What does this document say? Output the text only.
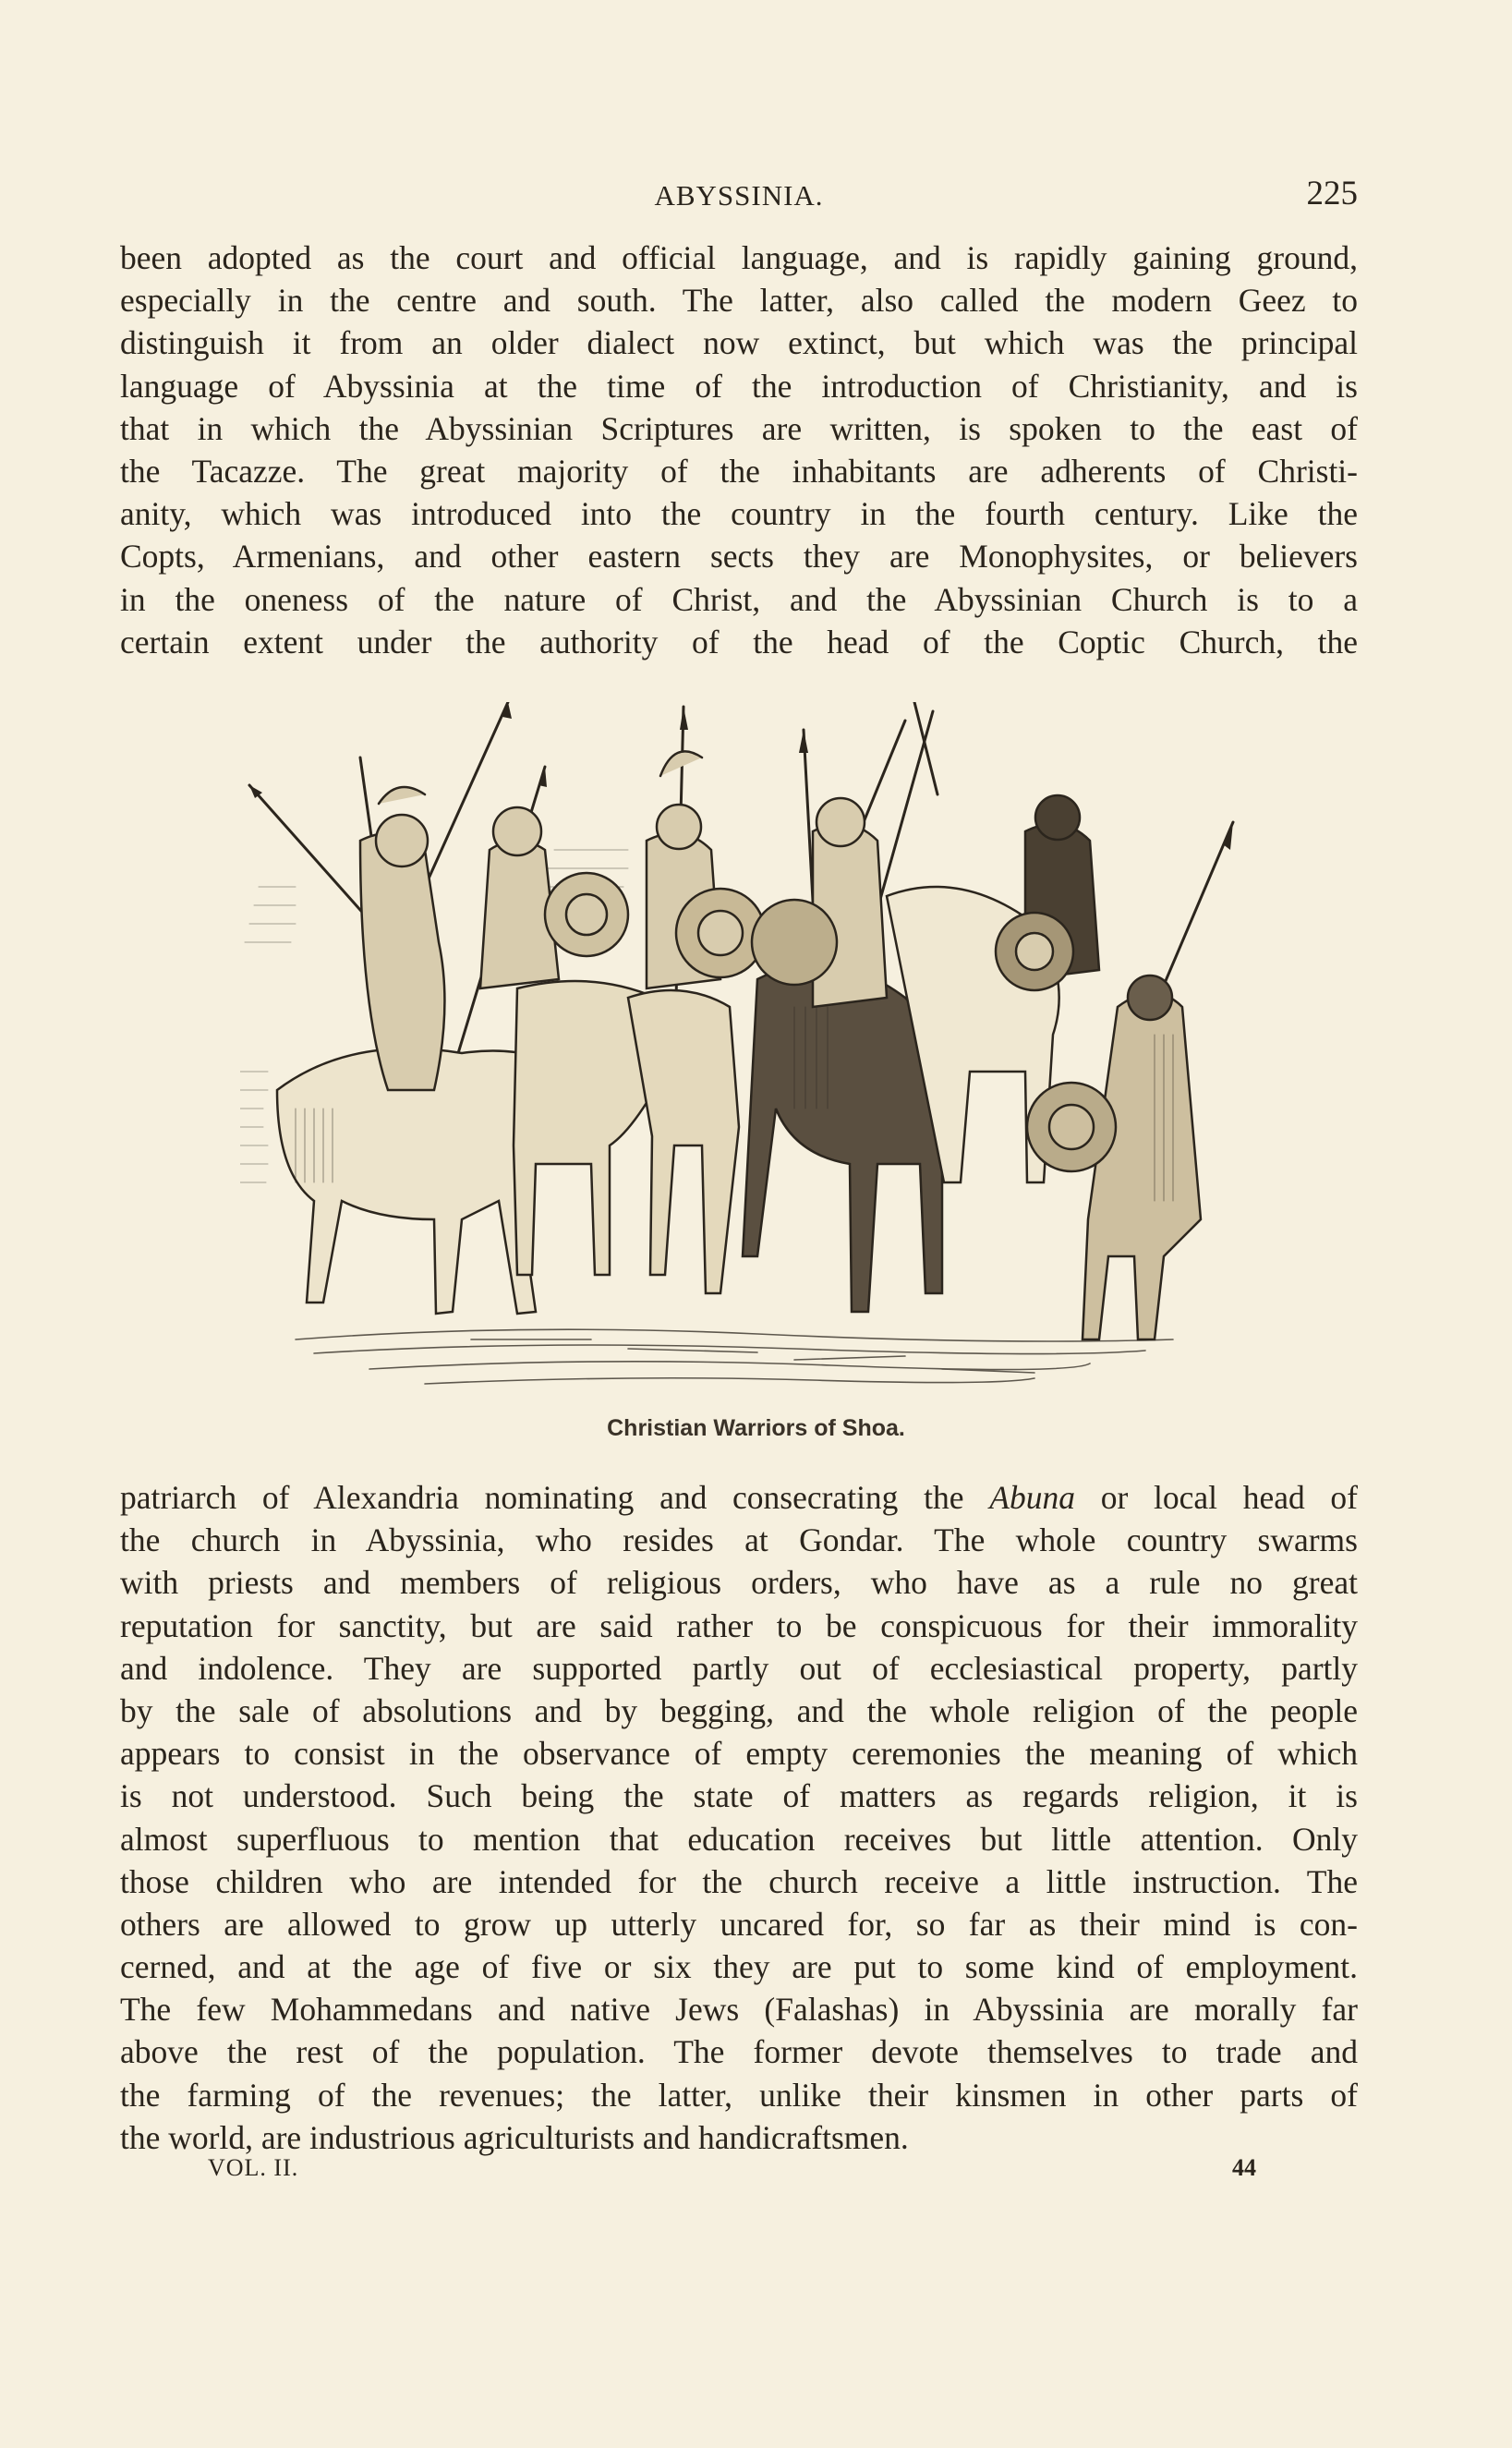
ABYSSINIA.	225
been adopted as the court and official language, and is rapidly gaining ground,
especially in the centre and south. The latter, also called the modern Geez to
distinguish it from an older dialect now extinct, but which was the principal
language of Abyssinia at the time of the introduction of Christianity, and is
that in which the Abyssinian Scriptures are written, is spoken to the east of
the Tacazze. The great majority of the inhabitants are adherents of Christi-
anity, which was introduced into the country in the fourth century. Like the
Copts, Armenians, and other eastern sects they are Monophysites, or believers
in the oneness of the nature of Christ, and the Abyssinian Church is to a
certain extent under the authority of the head of the Coptic Church, the
Christian Warriors of Shoa.
patriarch of Alexandria nominating and consecrating the Abuna or local head of
the church in Abyssinia, who resides at Gondar. The whole country swarms
with priests and members of religious orders, who have as a rule no great
reputation for sanctity, but are said rather to be conspicuous for their immorality
and indolence. They are supported partly out of ecclesiastical property, partly
by the sale of absolutions and by begging, and the whole religion of the people
appears to consist in the observance of empty ceremonies the meaning of which
is not understood. Such being the state of matters as regards religion, it is
almost superfluous to mention that education receives but little attention. Only
those children who are intended for the church receive a little instruction. The
others are allowed to grow up utterly uncared for, so far as their mind is con-
cerned, and at the age of five or six they are put to some kind of employment.
The few Mohammedans and native Jews (Falashas) in Abyssinia are morally far
above the rest of the population. The former devote themselves to trade and
the farming of the revenues; the latter, unlike their kinsmen in other parts of
the world, are industrious agriculturists and handicraftsmen.
VOL. II.	44
